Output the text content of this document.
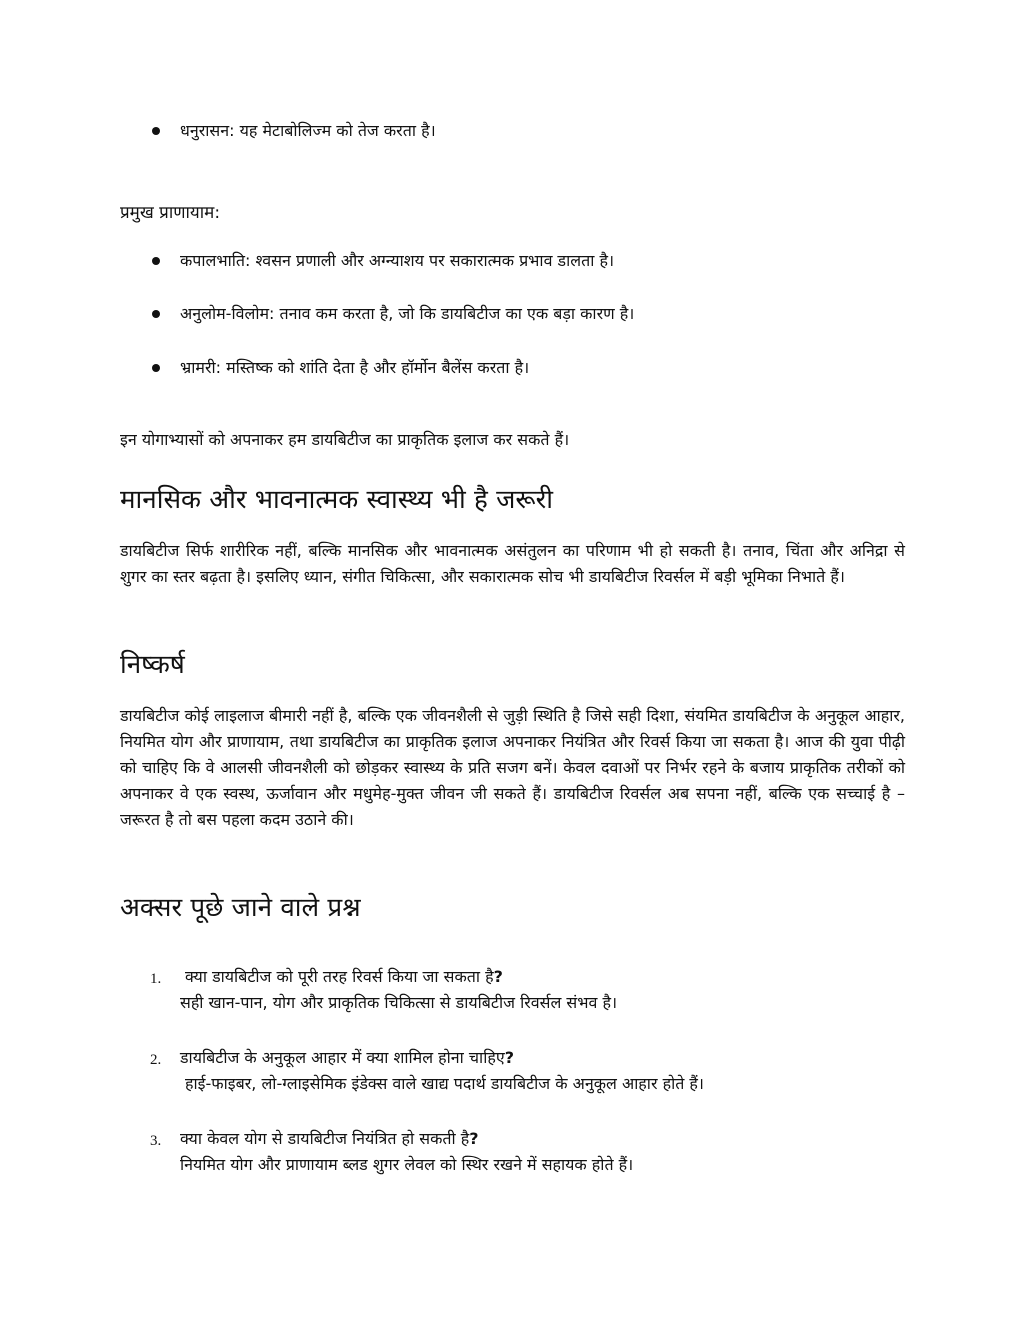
धनुरासन: यह मेटाबोलिज्म को तेज करता है।

प्रमुख प्राणायाम:

कपालभाति: श्वसन प्रणाली और अग्न्याशय पर सकारात्मक प्रभाव डालता है।

अनुलोम-विलोम: तनाव कम करता है, जो कि डायबिटीज का एक बड़ा कारण है।

भ्रामरी: मस्तिष्क को शांति देता है और हॉर्मोन बैलेंस करता है।

इन योगाभ्यासों को अपनाकर हम डायबिटीज का प्राकृतिक इलाज कर सकते हैं।

मानसिक और भावनात्मक स्वास्थ्य भी है जरूरी

डायबिटीज सिर्फ शारीरिक नहीं, बल्कि मानसिक और भावनात्मक असंतुलन का परिणाम भी हो सकती है। तनाव, चिंता और अनिद्रा से शुगर का स्तर बढ़ता है। इसलिए ध्यान, संगीत चिकित्सा, और सकारात्मक सोच भी डायबिटीज रिवर्सल में बड़ी भूमिका निभाते हैं।

निष्कर्ष

डायबिटीज कोई लाइलाज बीमारी नहीं है, बल्कि एक जीवनशैली से जुड़ी स्थिति है जिसे सही दिशा, संयमित डायबिटीज के अनुकूल आहार, नियमित योग और प्राणायाम, तथा डायबिटीज का प्राकृतिक इलाज अपनाकर नियंत्रित और रिवर्स किया जा सकता है। आज की युवा पीढ़ी को चाहिए कि वे आलसी जीवनशैली को छोड़कर स्वास्थ्य के प्रति सजग बनें। केवल दवाओं पर निर्भर रहने के बजाय प्राकृतिक तरीकों को अपनाकर वे एक स्वस्थ, ऊर्जावान और मधुमेह-मुक्त जीवन जी सकते हैं। डायबिटीज रिवर्सल अब सपना नहीं, बल्कि एक सच्चाई है – जरूरत है तो बस पहला कदम उठाने की।

अक्सर पूछे जाने वाले प्रश्न
1. क्या डायबिटीज को पूरी तरह रिवर्स किया जा सकता है?
सही खान-पान, योग और प्राकृतिक चिकित्सा से डायबिटीज रिवर्सल संभव है।
2. डायबिटीज के अनुकूल आहार में क्या शामिल होना चाहिए?
हाई-फाइबर, लो-ग्लाइसेमिक इंडेक्स वाले खाद्य पदार्थ डायबिटीज के अनुकूल आहार होते हैं।
3. क्या केवल योग से डायबिटीज नियंत्रित हो सकती है?
नियमित योग और प्राणायाम ब्लड शुगर लेवल को स्थिर रखने में सहायक होते हैं।
